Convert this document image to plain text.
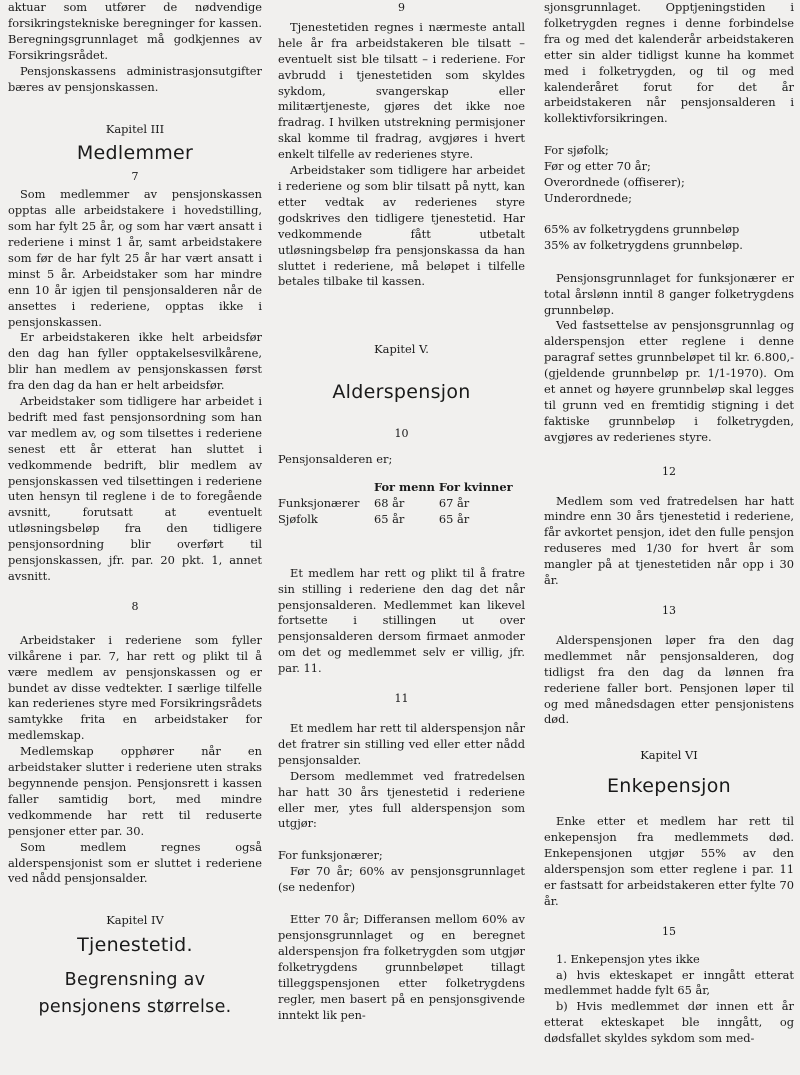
aktuar som utfører de nødvendige forsikringstekniske beregninger for kassen. Beregningsgrunnlaget må godkjennes av Forsikringsrådet.

Pensjonskassens administrasjonsutgifter bæres av pensjonskassen.

Kapitel III
Medlemmer
7

Som medlemmer av pensjonskassen opptas alle arbeidstakere i hovedstilling, som har fylt 25 år, og som har vært ansatt i rederiene i minst 1 år, samt arbeidstakere som før de har fylt 25 år har vært ansatt i minst 5 år. Arbeidstaker som har mindre enn 10 år igjen til pensjonsalderen når de ansettes i rederiene, opptas ikke i pensjonskassen.

Er arbeidstakeren ikke helt arbeidsfør den dag han fyller opptakelsesvilkårene, blir han medlem av pensjonskassen først fra den dag da han er helt arbeidsfør.

Arbeidstaker som tidligere har arbeidet i bedrift med fast pensjonsordning som han var medlem av, og som tilsettes i rederiene senest ett år etterat han sluttet i vedkommende bedrift, blir medlem av pensjonskassen ved tilsettingen i rederiene uten hensyn til reglene i de to foregående avsnitt, forutsatt at eventuelt utløsningsbeløp fra den tidligere pensjonsordning blir overført til pensjonskassen, jfr. par. 20 pkt. 1, annet avsnitt.

8

Arbeidstaker i rederiene som fyller vilkårene i par. 7, har rett og plikt til å være medlem av pensjonskassen og er bundet av disse vedtekter. I særlige tilfelle kan rederienes styre med Forsikringsrådets samtykke frita en arbeidstaker for medlemskap.

Medlemskap opphører når en arbeidstaker slutter i rederiene uten straks begynnende pensjon. Pensjonsrett i kassen faller samtidig bort, med mindre vedkommende har rett til reduserte pensjoner etter par. 30.

Som medlem regnes også alderspensjonist som er sluttet i rederiene ved nådd pensjonsalder.

Kapitel IV
Tjenestetid.
Begrensning av
pensjonens størrelse.
9

Tjenestetiden regnes i nærmeste antall hele år fra arbeidstakeren ble tilsatt – eventuelt sist ble tilsatt – i rederiene. For avbrudd i tjenestetiden som skyldes sykdom, svangerskap eller militærtjeneste, gjøres det ikke noe fradrag. I hvilken utstrekning permisjoner skal komme til fradrag, avgjøres i hvert enkelt tilfelle av rederienes styre.

Arbeidstaker som tidligere har arbeidet i rederiene og som blir tilsatt på nytt, kan etter vedtak av rederienes styre godskrives den tidligere tjenestetid. Har vedkommende fått utbetalt utløsningsbeløp fra pensjonskassa da han sluttet i rederiene, må beløpet i tilfelle betales tilbake til kassen.

Kapitel V.
Alderspensjon
10

Pensjonsalderen er;

	For menn	For kvinner
Funksjonærer	68 år	67 år
Sjøfolk	65 år	65 år

Et medlem har rett og plikt til å fratre sin stilling i rederiene den dag det når pensjonsalderen. Medlemmet kan likevel fortsette i stillingen ut over pensjonsalderen dersom firmaet anmoder om det og medlemmet selv er villig, jfr. par. 11.

11

Et medlem har rett til alderspensjon når det fratrer sin stilling ved eller etter nådd pensjonsalder.

Dersom medlemmet ved fratredelsen har hatt 30 års tjenestetid i rederiene eller mer, ytes full alderspensjon som utgjør:

For funksjonærer;

Før 70 år; 60% av pensjonsgrunnlaget (se nedenfor)

Etter 70 år; Differansen mellom 60% av pensjonsgrunnlaget og en beregnet alderspensjon fra folketrygden som utgjør folketrygdens grunnbeløpet tillagt tilleggspensjonen etter folketrygdens regler, men basert på en pensjonsgivende inntekt lik pen-

sjonsgrunnlaget. Opptjeningstiden i folketrygden regnes i denne forbindelse fra og med det kalenderår arbeidstakeren etter sin alder tidligst kunne ha kommet med i folketrygden, og til og med kalenderåret forut for det år arbeidstakeren når pensjonsalderen i kollektivforsikringen.

For sjøfolk;

Før og etter 70 år;

Overordnede (offiserer);

Underordnede;

65% av folketrygdens grunnbeløp

35% av folketrygdens grunnbeløp.

Pensjonsgrunnlaget for funksjonærer er total årslønn inntil 8 ganger folketrygdens grunnbeløp.

Ved fastsettelse av pensjonsgrunnlag og alderspensjon etter reglene i denne paragraf settes grunnbeløpet til kr. 6.800,- (gjeldende grunnbeløp pr. 1/1-1970). Om et annet og høyere grunnbeløp skal legges til grunn ved en fremtidig stigning i det faktiske grunnbeløp i folketrygden, avgjøres av rederienes styre.

12

Medlem som ved fratredelsen har hatt mindre enn 30 års tjenestetid i rederiene, får avkortet pensjon, idet den fulle pensjon reduseres med 1/30 for hvert år som mangler på at tjenestetiden når opp i 30 år.

13

Alderspensjonen løper fra den dag medlemmet når pensjonsalderen, dog tidligst fra den dag da lønnen fra rederiene faller bort. Pensjonen løper til og med månedsdagen etter pensjonistens død.

Kapitel VI
Enkepensjon

Enke etter et medlem har rett til enkepensjon fra medlemmets død. Enkepensjonen utgjør 55% av den alderspensjon som etter reglene i par. 11 er fastsatt for arbeidstakeren etter fylte 70 år.

15
1. Enkepensjon ytes ikke
a) hvis ekteskapet er inngått etterat medlemmet hadde fylt 65 år,
b) Hvis medlemmet dør innen ett år etterat ekteskapet ble inngått, og dødsfallet skyldes sykdom som med-
